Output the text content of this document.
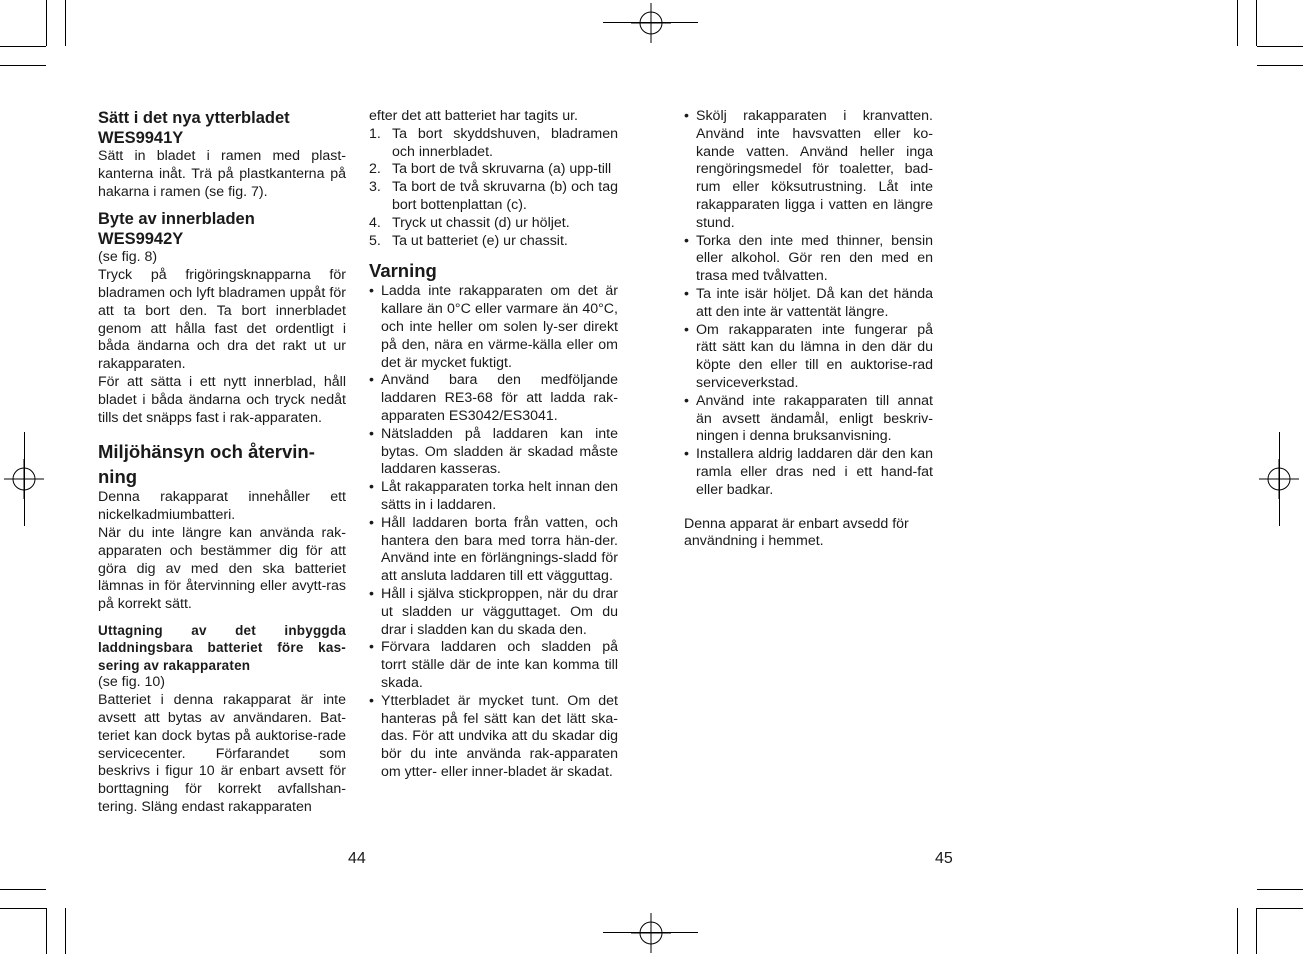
Sätt i det nya ytterbladet
WES9941Y

Sätt in bladet i ramen med plast-kanterna inåt. Trä på plastkanterna på hakarna i ramen (se fig. 7).

Byte av innerbladen
WES9942Y

(se fig. 8)

Tryck på frigöringsknapparna för bladramen och lyft bladramen uppåt för att ta bort den. Ta bort innerbladet genom att hålla fast det ordentligt i båda ändarna och dra det rakt ut ur rakapparaten.

För att sätta i ett nytt innerblad, håll bladet i båda ändarna och tryck nedåt tills det snäpps fast i rak-apparaten.

Miljöhänsyn och återvin-ning

Denna rakapparat innehåller ett nickelkadmiumbatteri.

När du inte längre kan använda rak-apparaten och bestämmer dig för att göra dig av med den ska batteriet lämnas in för återvinning eller avytt-ras på korrekt sätt.

Uttagning av det inbyggda laddningsbara batteriet före kas-sering av rakapparaten

(se fig. 10)

Batteriet i denna rakapparat är inte avsett att bytas av användaren. Bat-teriet kan dock bytas på auktorise-rade servicecenter. Förfarandet som beskrivs i figur 10 är enbart avsett för borttagning för korrekt avfallshan-tering. Släng endast rakapparaten

efter det att batteriet har tagits ur.

1. Ta bort skyddshuven, bladramen och innerbladet.
2. Ta bort de två skruvarna (a) upp-till
3. Ta bort de två skruvarna (b) och tag bort bottenplattan (c).
4. Tryck ut chassit (d) ur höljet.
5. Ta ut batteriet (e) ur chassit.
Varning
• Ladda inte rakapparaten om det är kallare än 0°C eller varmare än 40°C, och inte heller om solen ly-ser direkt på den, nära en värme-källa eller om det är mycket fuktigt.
• Använd bara den medföljande laddaren RE3-68 för att ladda rak-apparaten ES3042/ES3041.
• Nätsladden på laddaren kan inte bytas. Om sladden är skadad måste laddaren kasseras.
• Låt rakapparaten torka helt innan den sätts in i laddaren.
• Håll laddaren borta från vatten, och hantera den bara med torra hän-der. Använd inte en förlängnings-sladd för att ansluta laddaren till ett vägguttag.
• Håll i själva stickproppen, när du drar ut sladden ur vägguttaget. Om du drar i sladden kan du skada den.
• Förvara laddaren och sladden på torrt ställe där de inte kan komma till skada.
• Ytterbladet är mycket tunt. Om det hanteras på fel sätt kan det lätt ska-das. För att undvika att du skadar dig bör du inte använda rak-apparaten om ytter- eller inner-bladet är skadat.
• Skölj rakapparaten i kranvatten. Använd inte havsvatten eller ko-kande vatten. Använd heller inga rengöringsmedel för toaletter, bad-rum eller köksutrustning. Låt inte rakapparaten ligga i vatten en längre stund.
• Torka den inte med thinner, bensin eller alkohol. Gör ren den med en trasa med tvålvatten.
• Ta inte isär höljet. Då kan det hända att den inte är vattentät längre.
• Om rakapparaten inte fungerar på rätt sätt kan du lämna in den där du köpte den eller till en auktorise-rad serviceverkstad.
• Använd inte rakapparaten till annat än avsett ändamål, enligt beskriv-ningen i denna bruksanvisning.
• Installera aldrig laddaren där den kan ramla eller dras ned i ett hand-fat eller badkar.

Denna apparat är enbart avsedd för användning i hemmet.

44	45
